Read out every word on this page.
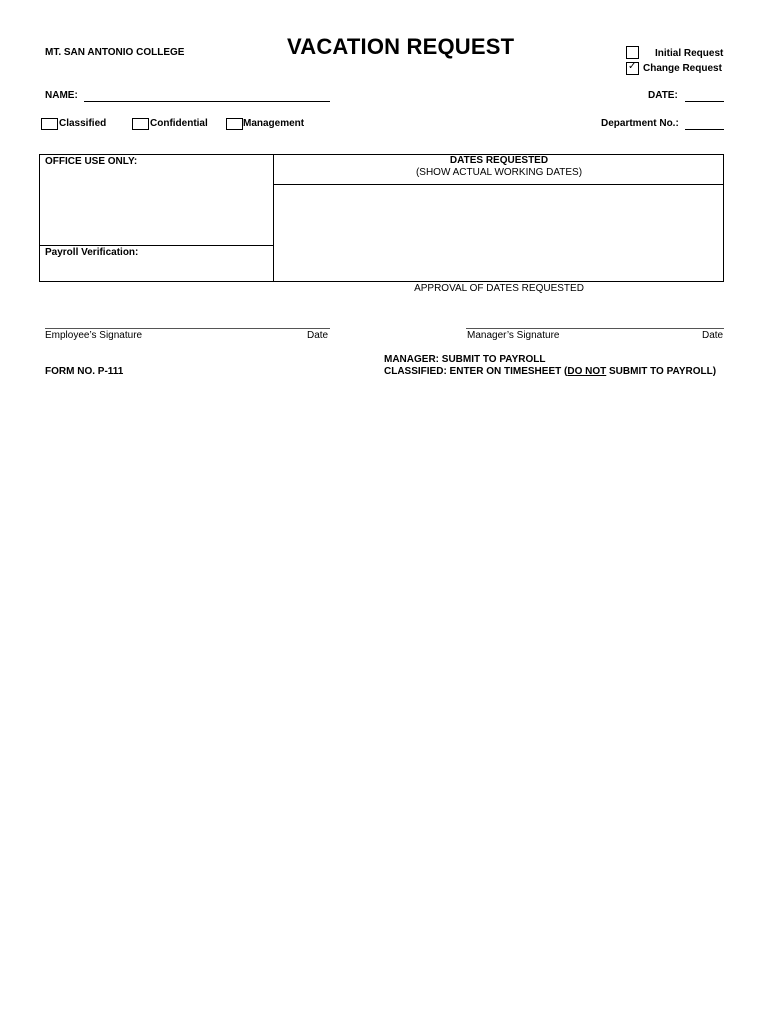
MT. SAN ANTONIO COLLEGE	VACATION REQUEST	Initial Request
✓
Change Request
NAME:	DATE:
Classified	Confidential	Management	Department No.:
OFFICE USE ONLY:
Payroll Verification:
DATES REQUESTED
(SHOW ACTUAL WORKING DATES)
APPROVAL OF DATES REQUESTED
Employee’s Signature	Date	Manager’s Signature	Date
FORM NO. P-111
MANAGER: SUBMIT TO PAYROLL
CLASSIFIED: ENTER ON TIMESHEET (DO NOT SUBMIT TO PAYROLL)
